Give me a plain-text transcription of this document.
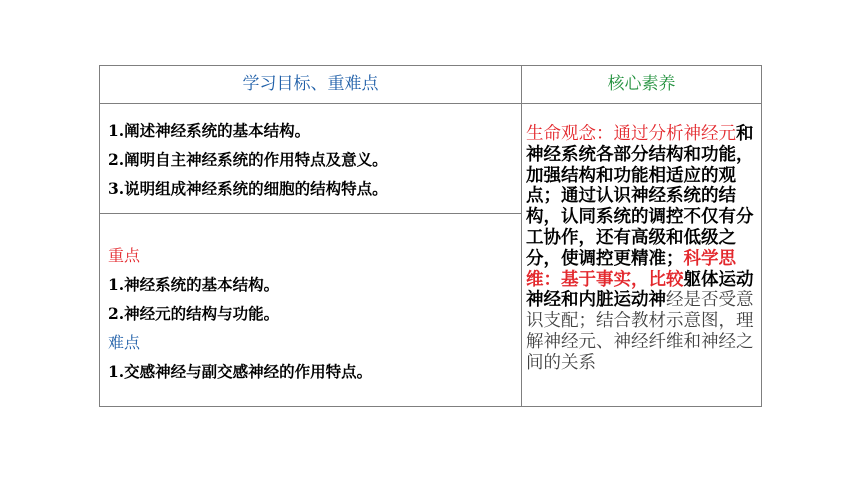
学习目标、重难点	核心素养
1.阐述神经系统的基本结构。
2.阐明自主神经系统的作用特点及意义。
3.说明组成神经系统的细胞的结构特点。
重点
1.神经系统的基本结构。
2.神经元的结构与功能。
难点
1.交感神经与副交感神经的作用特点。

生命观念：通过分析神经元和神经系统各部分结构和功能，加强结构和功能相适应的观点；通过认识神经系统的结构，认同系统的调控不仅有分工协作，还有高级和低级之分，使调控更精准；科学思维：基于事实，比较躯体运动神经和内脏运动神经是否受意识支配；结合教材示意图，理解神经元、神经纤维和神经之间的关系
